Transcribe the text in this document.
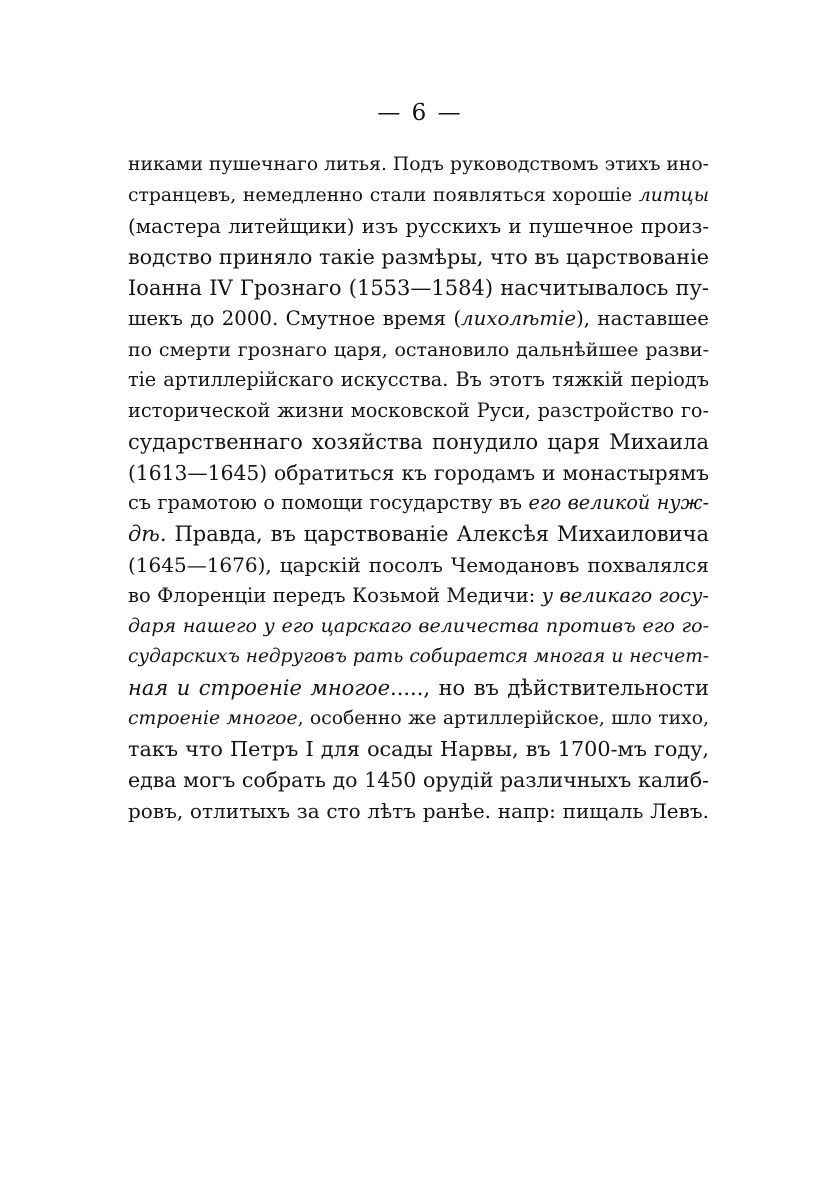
— 6 —
никами пушечнаго литья. Подъ руководствомъ этихъ ино-
странцевъ, немедленно стали появляться хорошіе литцы
(мастера литейщики) изъ русскихъ и пушечное произ-
водство приняло такіе размѣры, что въ царствованіе
Іоанна IV Грознаго (1553—1584) насчитывалось пу-
шекъ до 2000. Смутное время (лихолѣтіе), наставшее
по смерти грознаго царя, остановило дальнѣйшее разви-
тіе артиллерійскаго искусства. Въ этотъ тяжкій періодъ
исторической жизни московской Руси, разстройство го-
сударственнаго хозяйства понудило царя Михаила
(1613—1645) обратиться къ городамъ и монастырямъ
съ грамотою о помощи государству въ его великой нуж-
дѣ. Правда, въ царствованіе Алексѣя Михаиловича
(1645—1676), царскій посолъ Чемодановъ похвалялся
во Флоренціи передъ Козьмой Медичи: у великаго госу-
даря нашего у его царскаго величества противъ его го-
сударскихъ недруговъ рать собирается многая и несчет-
ная и строеніе многое....., но въ дѣйствительности
строеніе многое, особенно же артиллерійское, шло тихо,
такъ что Петръ I для осады Нарвы, въ 1700-мъ году,
едва могъ собрать до 1450 орудій различныхъ калиб-
ровъ, отлитыхъ за сто лѣтъ ранѣе. напр: пищаль Левъ.
